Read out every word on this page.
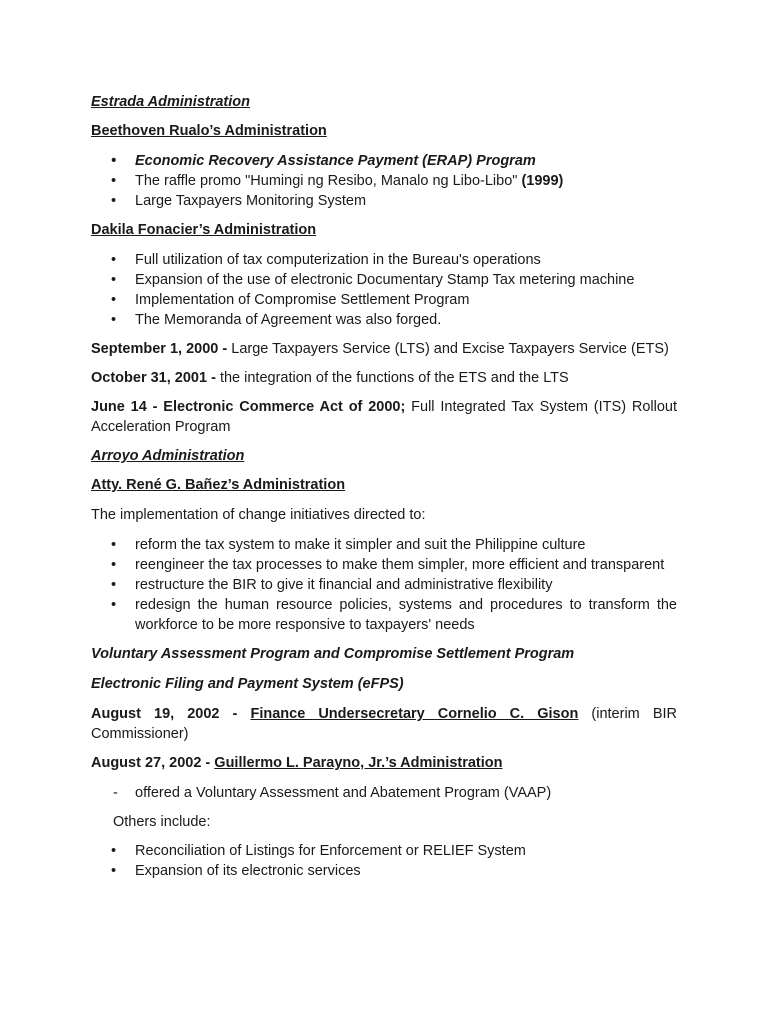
Estrada Administration

Beethoven Rualo’s Administration

• Economic Recovery Assistance Payment (ERAP) Program
• The raffle promo "Humingi ng Resibo, Manalo ng Libo-Libo" (1999)
• Large Taxpayers Monitoring System

Dakila Fonacier’s Administration

• Full utilization of tax computerization in the Bureau's operations
• Expansion of the use of electronic Documentary Stamp Tax metering machine
• Implementation of Compromise Settlement Program
• The Memoranda of Agreement was also forged.

September 1, 2000 - Large Taxpayers Service (LTS) and Excise Taxpayers Service (ETS)

October 31, 2001 - the integration of the functions of the ETS and the LTS

June 14 - Electronic Commerce Act of 2000; Full Integrated Tax System (ITS) Rollout Acceleration Program

Arroyo Administration

Atty. René G. Bañez’s Administration

The implementation of change initiatives directed to:

• reform the tax system to make it simpler and suit the Philippine culture
• reengineer the tax processes to make them simpler, more efficient and transparent
• restructure the BIR to give it financial and administrative flexibility
• redesign the human resource policies, systems and procedures to transform the workforce to be more responsive to taxpayers' needs

Voluntary Assessment Program and Compromise Settlement Program

Electronic Filing and Payment System (eFPS)

August 19, 2002 - Finance Undersecretary Cornelio C. Gison (interim BIR Commissioner)

August 27, 2002 - Guillermo L. Parayno, Jr.’s Administration

- offered a Voluntary Assessment and Abatement Program (VAAP)

Others include:

• Reconciliation of Listings for Enforcement or RELIEF System
• Expansion of its electronic services
